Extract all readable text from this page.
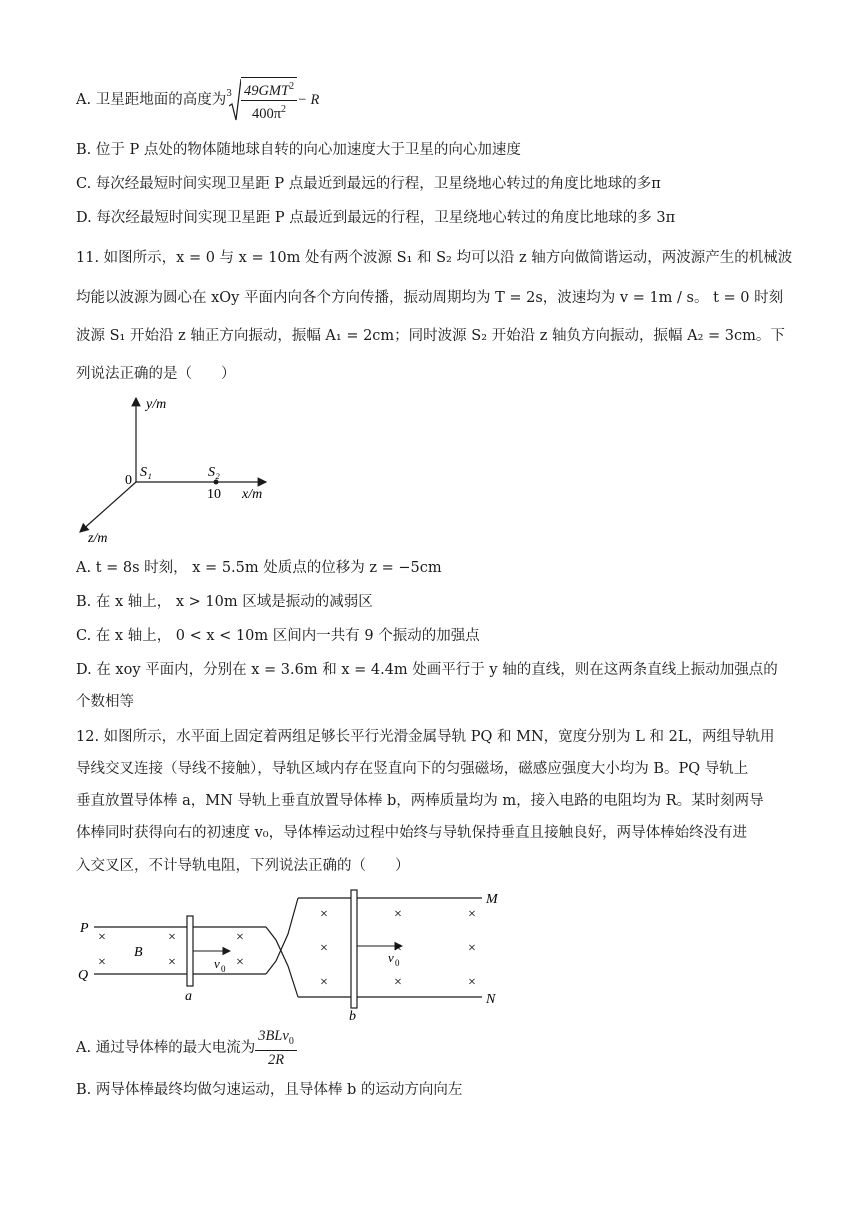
A. 卫星距地面的高度为 $3 \frac{49GMT^2}{400\pi^2} - R$
B. 位于 P 点处的物体随地球自转的向心加速度大于卫星的向心加速度
C. 每次经最短时间实现卫星距 P 点最近到最远的行程，卫星绕地心转过的角度比地球的多π
D. 每次经最短时间实现卫星距 P 点最近到最远的行程，卫星绕地心转过的角度比地球的多 3π
11. 如图所示，x = 0 与 x = 10m 处有两个波源 S₁ 和 S₂ 均可以沿 z 轴方向做简谐运动，两波源产生的机械波
均能以波源为圆心在 xOy 平面内向各个方向传播，振动周期均为 T = 2s，波速均为 v = 1m / s。 t = 0 时刻
波源 S₁ 开始沿 z 轴正方向振动，振幅 A₁ = 2cm；同时波源 S₂ 开始沿 z 轴负方向振动，振幅 A₂ = 3cm。下
列说法正确的是（　　）
y/m
x/m
z/m
0
S₁	S₂
10
A. t = 8s 时刻， x = 5.5m 处质点的位移为 z = −5cm
B. 在 x 轴上， x > 10m 区域是振动的减弱区
C. 在 x 轴上， 0 < x < 10m 区间内一共有 9 个振动的加强点
D. 在 xoy 平面内，分别在 x = 3.6m 和 x = 4.4m 处画平行于 y 轴的直线，则在这两条直线上振动加强点的
个数相等
12. 如图所示，水平面上固定着两组足够长平行光滑金属导轨 PQ 和 MN，宽度分别为 L 和 2L，两组导轨用
导线交叉连接（导线不接触），导轨区域内存在竖直向下的匀强磁场，磁感应强度大小均为 B。PQ 导轨上
垂直放置导体棒 a，MN 导轨上垂直放置导体棒 b，两棒质量均为 m，接入电路的电阻均为 R。某时刻两导
体棒同时获得向右的初速度 v₀，导体棒运动过程中始终与导轨保持垂直且接触良好，两导体棒始终没有进
入交叉区，不计导轨电阻，下列说法正确的（　　）
P
Q
M
N
B
a
b
v 0
v 0
×
×
×
×
×
×
×
×
×
×
×
×
×
×
×
A. 通过导体棒的最大电流为 $\frac{3BLv_0}{2R}$
B. 两导体棒最终均做匀速运动，且导体棒 b 的运动方向向左
